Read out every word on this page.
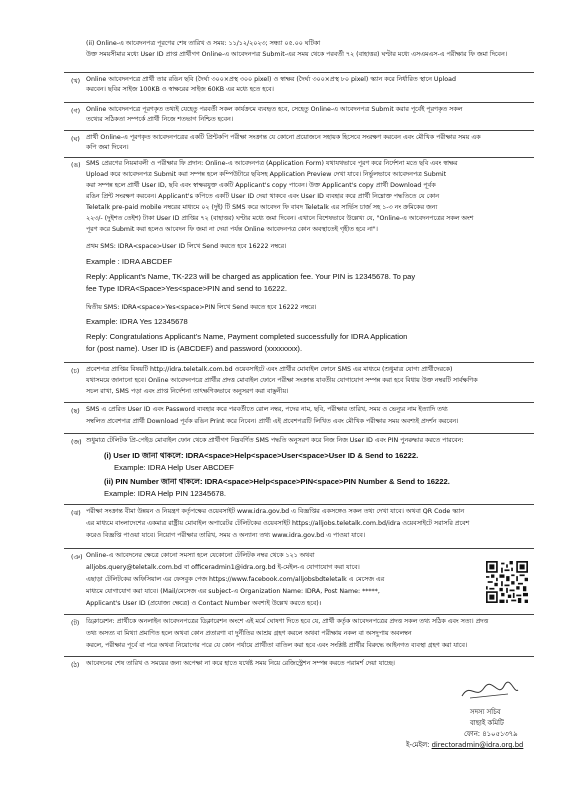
(ii) Online-এ আবেদনপত্র পূরণের শেষ তারিখ ও সময়: ১১/১২/২০২৩; সন্ধ্যা ০৫.০০ ঘটিকা
উক্ত সময়সীমার মধ্যে User ID প্রাপ্ত প্রার্থীগণ Online-এ আবেদনপত্র Submit-এর সময় থেকে পরবর্তী ৭২ (বাহাত্তর) ঘণ্টার মধ্যে এসএমএস-এ পরীক্ষার ফি জমা দিবেন।
(খ) Online আবেদনপত্রে প্রার্থী তার রঙিন ছবি (দৈর্ঘ্য ৩০০×প্রস্থ ৩০০ pixel) ও স্বাক্ষর (দৈর্ঘ্য ৩০০×প্রস্থ ৮০ pixel) স্ক্যান করে নির্ধারিত স্থানে Upload
করবেন। ছবির সাইজ 100KB ও স্বাক্ষরের সাইজ 60KB এর মধ্যে হতে হবে।
(গ) Online আবেদনপত্রে পূরণকৃত তথ্যই যেহেতু পরবর্তী সকল কার্যক্রমে ব্যবহৃত হবে, সেহেতু Online-এ আবেদনপত্র Submit করার পূর্বেই পূরণকৃত সকল
তথ্যের সঠিকতা সম্পর্কে প্রার্থী নিজে শতভাগ নিশ্চিত হবেন।
(ঘ) প্রার্থী Online-এ পূরণকৃত আবেদনপত্রের একটি প্রিন্টকপি পরীক্ষা সংক্রান্ত যে কোনো প্রয়োজনে সহায়ক হিসেবে সংরক্ষণ করবেন এবং মৌখিক পরীক্ষার সময় এক
কপি জমা দিবেন।
(ঙ) SMS প্রেরণের নিয়মাবলী ও পরীক্ষার ফি প্রদান: Online-এ আবেদনপত্র (Application Form) যথাযথভাবে পূরণ করে নির্দেশনা মতে ছবি এবং স্বাক্ষর
Upload করে আবেদনপত্র Submit করা সম্পন্ন হলে কম্পিউটারে ছবিসহ Application Preview দেখা যাবে। নির্ভুলভাবে আবেদনপত্র Submit
করা সম্পন্ন হলে প্রার্থী User ID, ছবি এবং স্বাক্ষরযুক্ত একটি Applicant's copy পাবেন। উক্ত Applicant's copy প্রার্থী Download পূর্বক
রঙিন প্রিন্ট সংরক্ষণ করবেন। Applicant's কপিতে একটি User ID দেয়া থাকবে এবং User ID ব্যবহার করে প্রার্থী নিম্নোক্ত পদ্ধতিতে যে কোন
Teletalk pre-paid mobile নম্বরের মাধ্যমে ০২ (দুই) টি SMS করে আবেদন ফি বাবদ Teletalk এর সার্ভিস চার্জ সহ ১-৩ নং ক্রমিকের জন্য
২২৩/- (দুইশত তেইশ) টাকা User ID প্রাপ্তির ৭২ (বাহাত্তর) ঘণ্টার মধ্যে জমা দিবেন। এখানে বিশেষভাবে উল্লেখ্য যে, "Online-এ আবেদনপত্রের সকল অংশ
পূরণ করে Submit করা হলেও আবেদন ফি জমা না দেয়া পর্যন্ত Online আবেদনপত্র কোন অবস্থাতেই গৃহীত হবে না"।
প্রথম SMS: IDRA<space>User ID লিখে Send করতে হবে 16222 নম্বরে।
Example : IDRA ABCDEF
Reply: Applicant's Name, TK-223 will be charged as application fee. Your PIN is 12345678. To pay
fee Type IDRA<Space>Yes<space>PIN and send to 16222.
দ্বিতীয় SMS: IDRA<space>Yes<space>PIN লিখে Send করতে হবে 16222 নম্বরে।
Example: IDRA Yes 12345678
Reply: Congratulations Applicant's Name, Payment completed successfully for IDRA Application
for (post name). User ID is (ABCDEF) and password (xxxxxxxx).
(চ) প্রবেশপত্র প্রাপ্তির বিষয়টি http://idra.teletalk.com.bd ওয়েবসাইটে এবং প্রার্থীর মোবাইল ফোনে SMS এর মাধ্যমে (শুধুমাত্র যোগ্য প্রার্থীদেরকে)
যথাসময়ে জানানো হবে। Online আবেদনপত্রে প্রার্থীর প্রদত্ত মোবাইল ফোনে পরীক্ষা সংক্রান্ত যাবতীয় যোগাযোগ সম্পন্ন করা হবে বিধায় উক্ত নম্বরটি সার্বক্ষণিক
সচল রাখা, SMS পড়া এবং প্রাপ্ত নির্দেশনা তাৎক্ষণিকভাবে অনুসরণ করা বাঞ্ছনীয়।
(ছ) SMS এ প্রেরিত User ID এবং Password ব্যবহার করে পরবর্তীতে রোল নম্বর, পদের নাম, ছবি, পরীক্ষার তারিখ, সময় ও ভেন্যুর নাম ইত্যাদি তথ্য
সম্বলিত প্রবেশপত্র প্রার্থী Download পূর্বক রঙিন Print করে নিবেন। প্রার্থী এই প্রবেশপত্রটি লিখিত এবং মৌখিক পরীক্ষার সময় অবশ্যই প্রদর্শন করবেন।
(জ) শুধুমাত্র টেলিটক প্রি-পেইড মোবাইল ফোন থেকে প্রার্থীগণ নিম্নবর্ণিত SMS পদ্ধতি অনুসরণ করে নিজ নিজ User ID এবং PIN পুনরুদ্ধার করতে পারবেন:
(i) User ID জানা থাকলে: IDRA<space>Help<space>User<space>User ID & Send to 16222.
Example: IDRA Help User ABCDEF
(ii) PIN Number জানা থাকলে: IDRA<space>Help<space>PIN<space>PIN Number & Send to 16222.
Example: IDRA Help PIN 12345678.
(ঝ) পরীক্ষা সংক্রান্ত বীমা উন্নয়ন ও নিয়ন্ত্রণ কর্তৃপক্ষের ওয়েবসাইট www.idra.gov.bd এ বিজ্ঞপ্তির একসঙ্গেও সকল তথ্য দেখা যাবে। অথবা QR Code স্ক্যান
এর মাধ্যমে বাংলাদেশের একমাত্র রাষ্ট্রীয় মোবাইল অপারেটর টেলিটকের ওয়েবসাইট https://alljobs.teletalk.com.bd/idra ওয়েবসাইটে সরাসরি প্রবেশ
করেও বিজ্ঞপ্তি পাওয়া যাবে। নিয়োগ পরীক্ষার তারিখ, সময় ও অন্যান্য তথ্য www.idra.gov.bd এ পাওয়া যাবে।
(ঞ) Online-এ আবেদনের ক্ষেত্রে কোনো সমস্যা হলে যেকোনো টেলিটক নম্বর থেকে ১২১ অথবা
alljobs.query@teletalk.com.bd বা officeradmin1@idra.org.bd ই-মেইল-এ যোগাযোগ করা যাবে।
এছাড়া টেলিটকের অফিসিয়াল এর ফেসবুক পেজ https://www.facebook.com/alljobsbdteletalk এ মেসেজ এর
মাধ্যমে যোগাযোগ করা যাবে। (Mail/মেসেজ এর subject-এ Organization Name: IDRA, Post Name: *****,
Applicant's User ID (প্রযোজ্য ক্ষেত্রে) ও Contact Number অবশ্যই উল্লেখ করতে হবে)।
(ট) ডিক্লারেশন: প্রার্থীকে অনলাইন আবেদনপত্রের ডিক্লারেশন অংশে এই মর্মে ঘোষণা দিতে হবে যে, প্রার্থী কর্তৃক আবেদনপত্রের প্রদত্ত সকল তথ্য সঠিক এবং সত্য। প্রদত্ত
তথ্য অসত্য বা মিথ্যা প্রমাণিত হলে অথবা কোন প্রতারণা বা দুর্নীতির আশ্রয় গ্রহণ করলে অথবা পরীক্ষায় নকল বা অসদুপায় অবলম্বন
করলে, পরীক্ষার পূর্বে বা পরে অথবা নিয়োগের পরে যে কোন পর্যায়ে প্রার্থীতা বাতিল করা হবে এবং সংশ্লিষ্ট প্রার্থীর বিরুদ্ধে আইনগত ব্যবস্থা গ্রহণ করা যাবে।
(ঠ) আবেদনের শেষ তারিখ ও সময়ের জন্য অপেক্ষা না করে হাতে যথেষ্ট সময় নিয়ে রেজিস্ট্রেশন সম্পন্ন করতে পরামর্শ দেয়া যাচ্ছে।
সদস্য সচিব
বাছাই কমিটি
ফোন: ৪১০৫১৩৭৯
ই-মেইল: directoradmin@idra.org.bd
